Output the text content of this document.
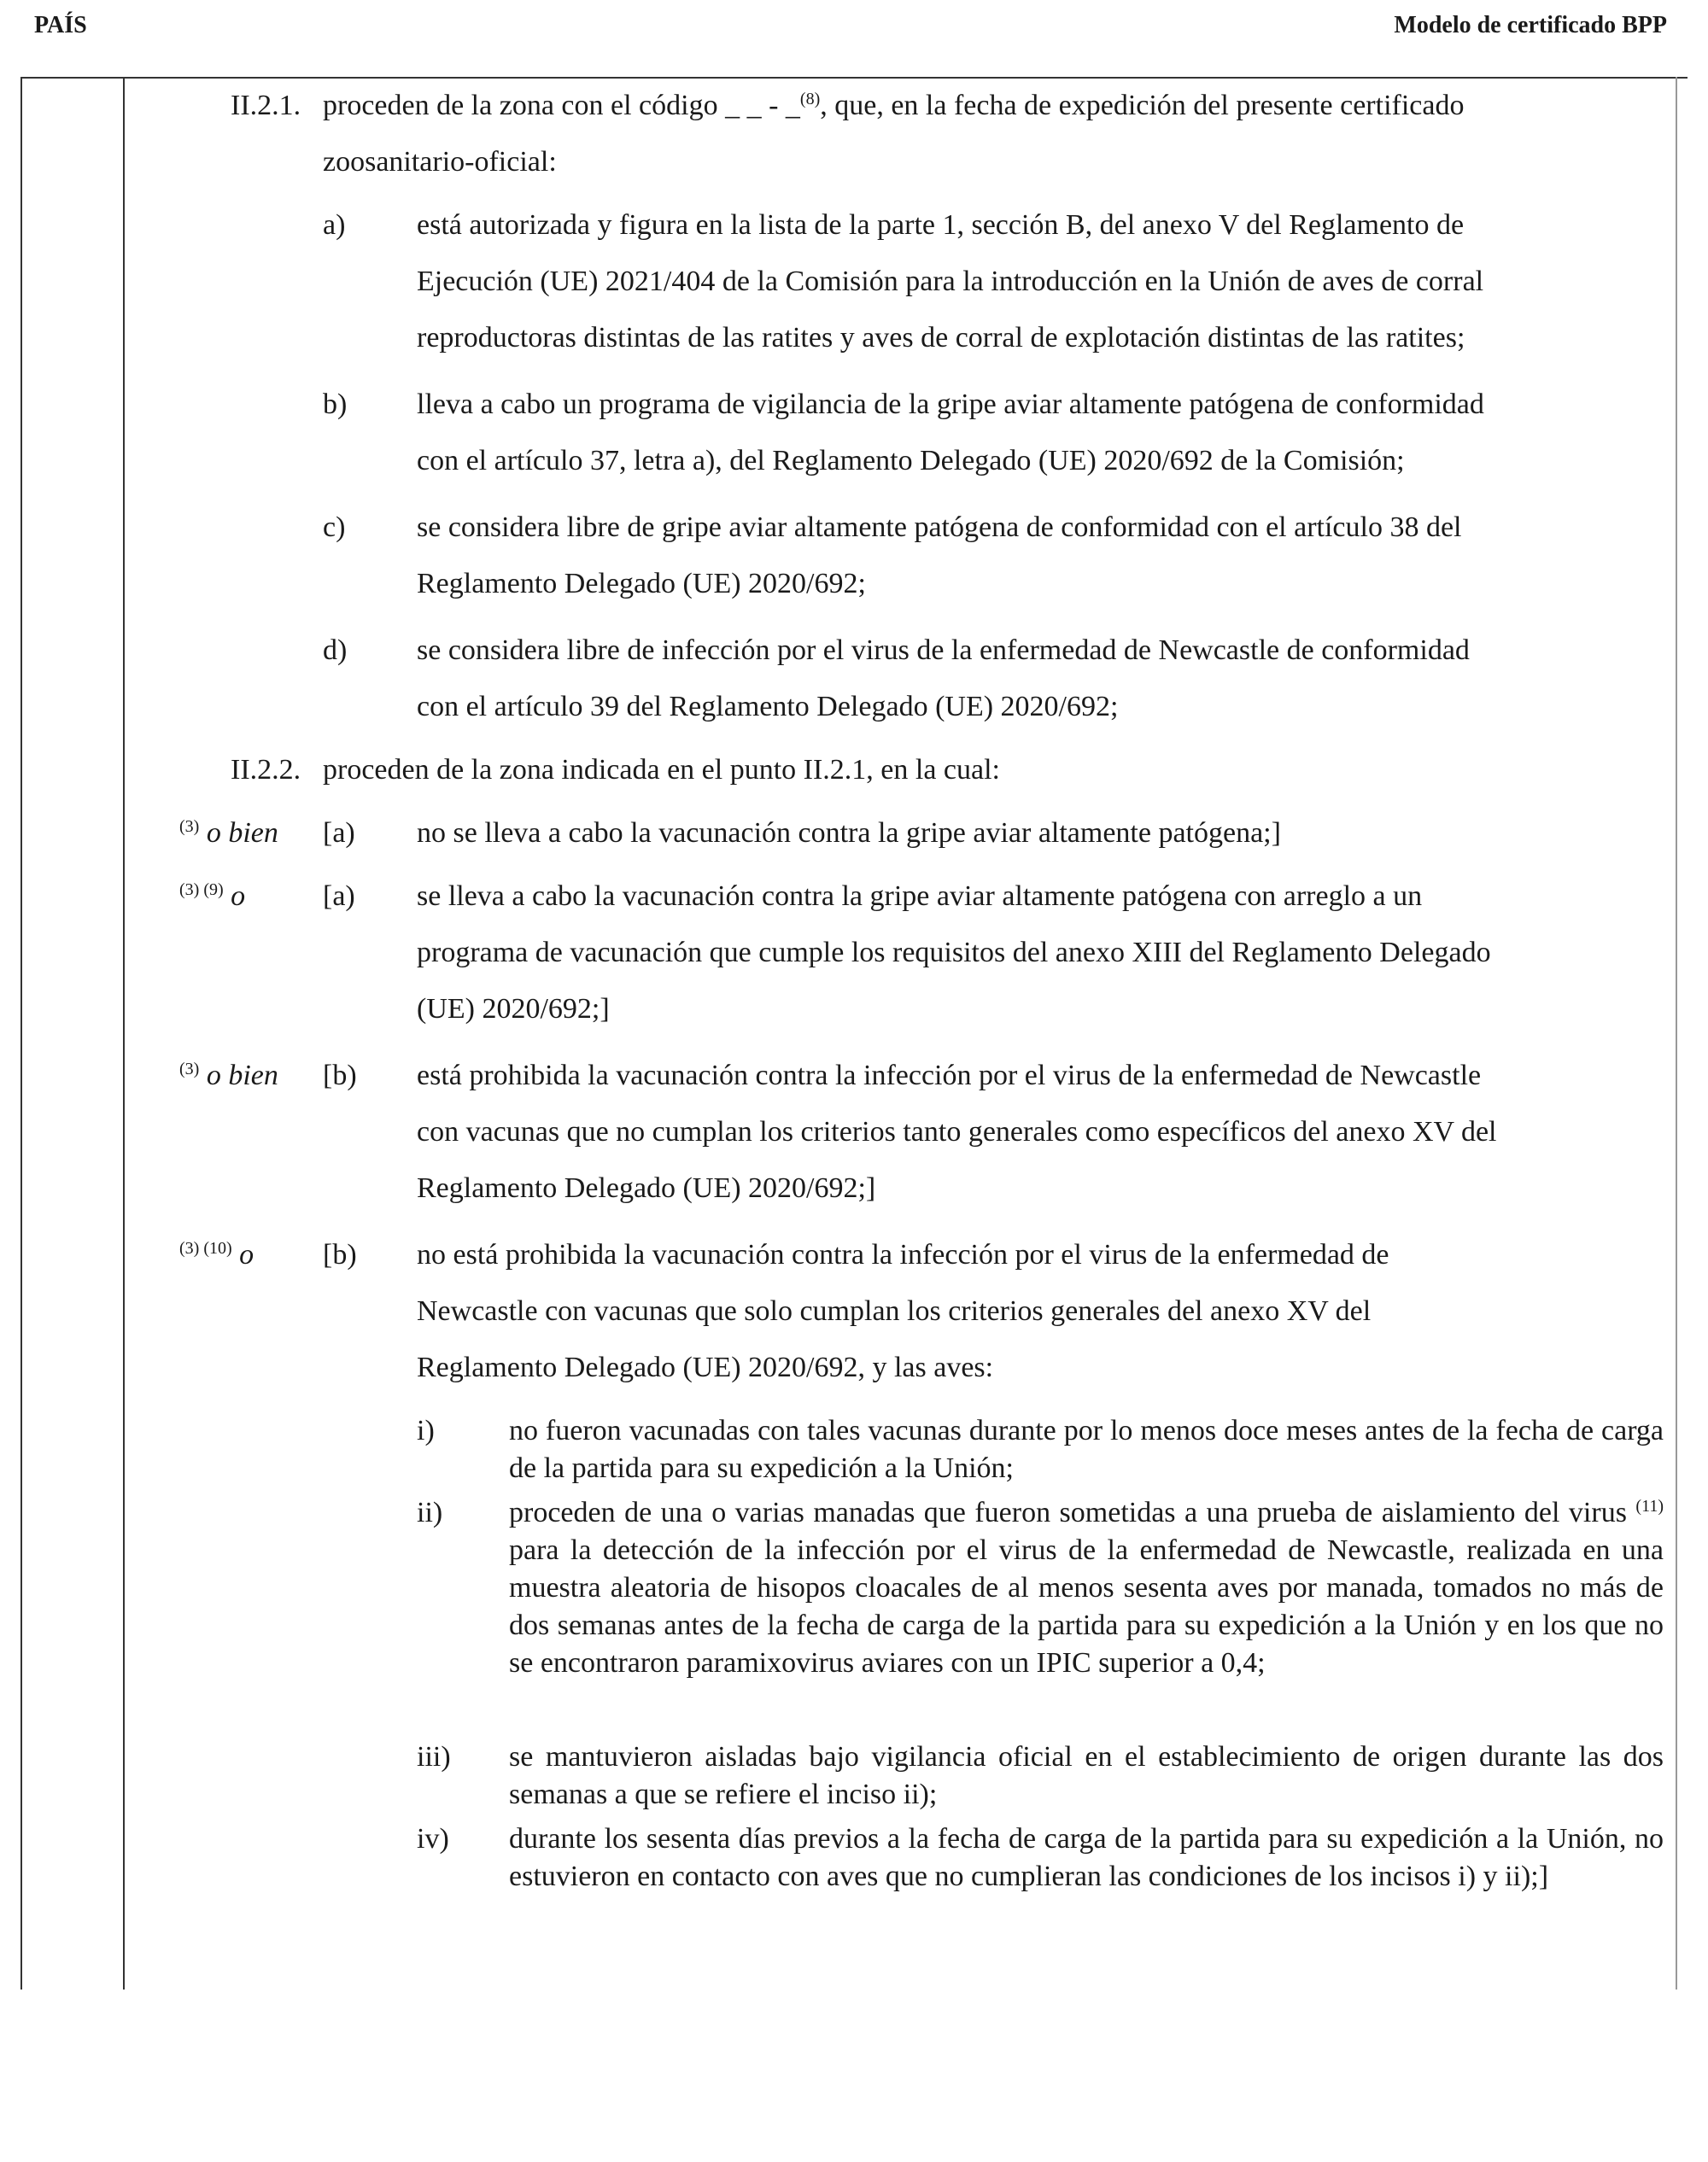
PAÍS	Modelo de certificado BPP
II.2.1. proceden de la zona con el código _ _ - _$^{(8)}$, que, en la fecha de expedición del presente certificado
zoosanitario-oficial:
a) está autorizada y figura en la lista de la parte 1, sección B, del anexo V del Reglamento de
Ejecución (UE) 2021/404 de la Comisión para la introducción en la Unión de aves de corral
reproductoras distintas de las ratites y aves de corral de explotación distintas de las ratites;
b) lleva a cabo un programa de vigilancia de la gripe aviar altamente patógena de conformidad
con el artículo 37, letra a), del Reglamento Delegado (UE) 2020/692 de la Comisión;
c) se considera libre de gripe aviar altamente patógena de conformidad con el artículo 38 del
Reglamento Delegado (UE) 2020/692;
d) se considera libre de infección por el virus de la enfermedad de Newcastle de conformidad
con el artículo 39 del Reglamento Delegado (UE) 2020/692;
II.2.2. proceden de la zona indicada en el punto II.2.1, en la cual:
$^{(3)}$ o bien [a) no se lleva a cabo la vacunación contra la gripe aviar altamente patógena;]
$^{(3) (9)}$ o	[a) se lleva a cabo la vacunación contra la gripe aviar altamente patógena con arreglo a un
programa de vacunación que cumple los requisitos del anexo XIII del Reglamento Delegado
(UE) 2020/692;]
$^{(3)}$ o bien [b) está prohibida la vacunación contra la infección por el virus de la enfermedad de Newcastle
con vacunas que no cumplan los criterios tanto generales como específicos del anexo XV del
Reglamento Delegado (UE) 2020/692;]
$^{(3) (10)}$ o [b) no está prohibida la vacunación contra la infección por el virus de la enfermedad de
Newcastle con vacunas que solo cumplan los criterios generales del anexo XV del
Reglamento Delegado (UE) 2020/692, y las aves:
i)	no fueron vacunadas con tales vacunas durante por lo menos doce meses antes de la fecha de carga de la partida para su expedición a la Unión;
ii) proceden de una o varias manadas que fueron sometidas a una prueba de aislamiento del virus $^{(11)}$ para la detección de la infección por el virus de la enfermedad de Newcastle, realizada en una muestra aleatoria de hisopos cloacales de al menos sesenta aves por manada, tomados no más de dos semanas antes de la fecha de carga de la partida para su expedición a la Unión y en los que no se encontraron paramixovirus aviares con un IPIC superior a 0,4;
iii) se mantuvieron aisladas bajo vigilancia oficial en el establecimiento de origen durante las dos semanas a que se refiere el inciso ii);
iv) durante los sesenta días previos a la fecha de carga de la partida para su expedición a la Unión, no estuvieron en contacto con aves que no cumplieran las condiciones de los incisos i) y ii);]
